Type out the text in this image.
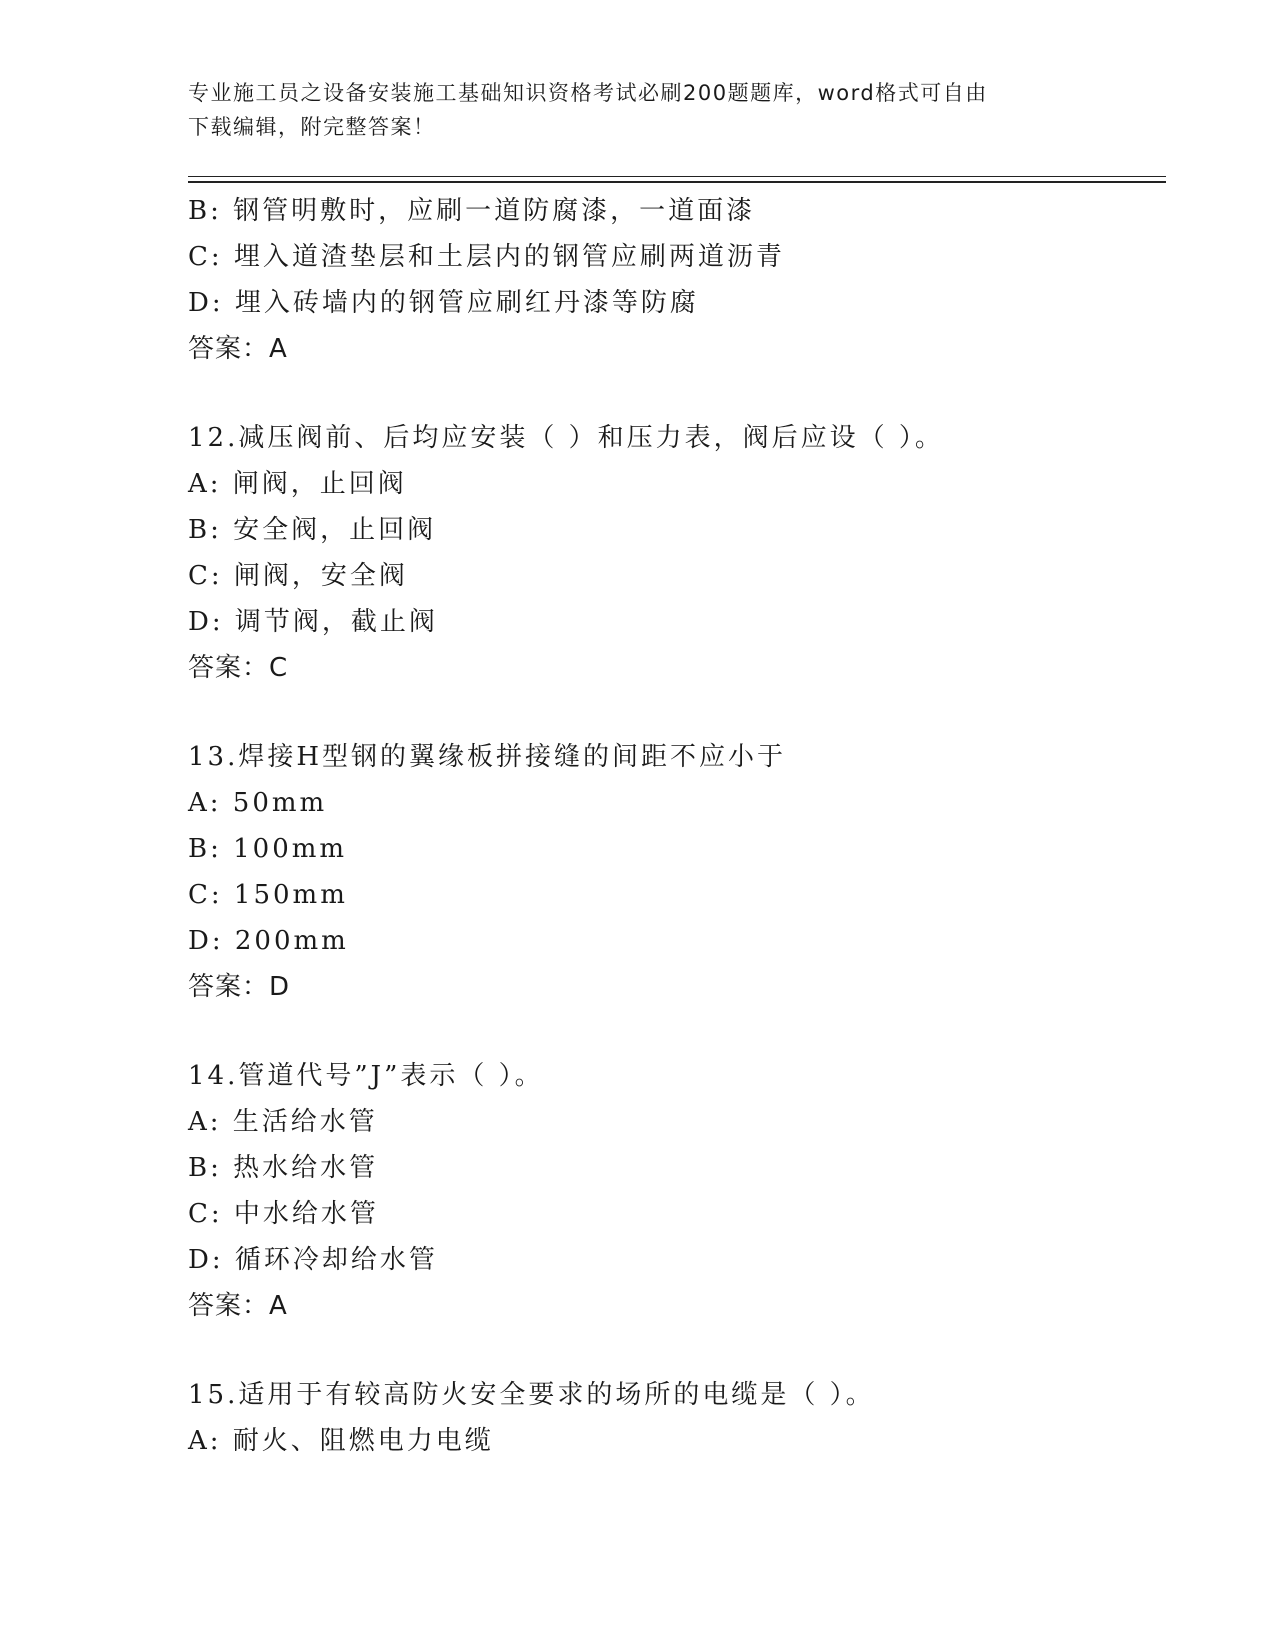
专业施工员之设备安装施工基础知识资格考试必刷200题题库，word格式可自由
下载编辑，附完整答案！
B: 钢管明敷时，应刷一道防腐漆，一道面漆
C: 埋入道渣垫层和土层内的钢管应刷两道沥青
D: 埋入砖墙内的钢管应刷红丹漆等防腐
答案：A
12.减压阀前、后均应安装（ ）和压力表，阀后应设（ ）。
A: 闸阀，止回阀
B: 安全阀，止回阀
C: 闸阀，安全阀
D: 调节阀，截止阀
答案：C
13.焊接H型钢的翼缘板拼接缝的间距不应小于
A: 50mm
B: 100mm
C: 150mm
D: 200mm
答案：D
14.管道代号”J”表示（ ）。
A: 生活给水管
B: 热水给水管
C: 中水给水管
D: 循环冷却给水管
答案：A
15.适用于有较高防火安全要求的场所的电缆是（ ）。
A: 耐火、阻燃电力电缆
